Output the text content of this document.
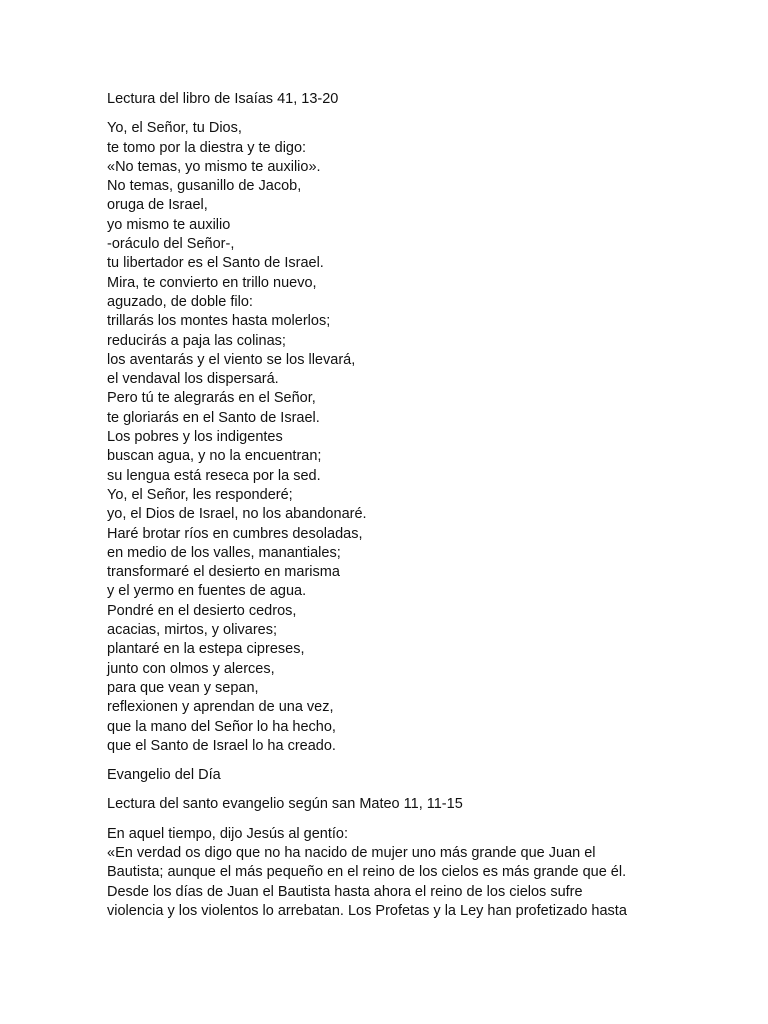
Lectura del libro de Isaías 41, 13-20

Yo, el Señor, tu Dios,
te tomo por la diestra y te digo:
«No temas, yo mismo te auxilio».
No temas, gusanillo de Jacob,
oruga de Israel,
yo mismo te auxilio
-oráculo del Señor-,
tu libertador es el Santo de Israel.
Mira, te convierto en trillo nuevo,
aguzado, de doble filo:
trillarás los montes hasta molerlos;
reducirás a paja las colinas;
los aventarás y el viento se los llevará,
el vendaval los dispersará.
Pero tú te alegrarás en el Señor,
te gloriarás en el Santo de Israel.
Los pobres y los indigentes
buscan agua, y no la encuentran;
su lengua está reseca por la sed.
Yo, el Señor, les responderé;
yo, el Dios de Israel, no los abandonaré.
Haré brotar ríos en cumbres desoladas,
en medio de los valles, manantiales;
transformaré el desierto en marisma
y el yermo en fuentes de agua.
Pondré en el desierto cedros,
acacias, mirtos, y olivares;
plantaré en la estepa cipreses,
junto con olmos y alerces,
para que vean y sepan,
reflexionen y aprendan de una vez,
que la mano del Señor lo ha hecho,
que el Santo de Israel lo ha creado.

Evangelio del Día

Lectura del santo evangelio según san Mateo 11, 11-15

En aquel tiempo, dijo Jesús al gentío:
«En verdad os digo que no ha nacido de mujer uno más grande que Juan el
Bautista; aunque el más pequeño en el reino de los cielos es más grande que él.
Desde los días de Juan el Bautista hasta ahora el reino de los cielos sufre
violencia y los violentos lo arrebatan. Los Profetas y la Ley han profetizado hasta
